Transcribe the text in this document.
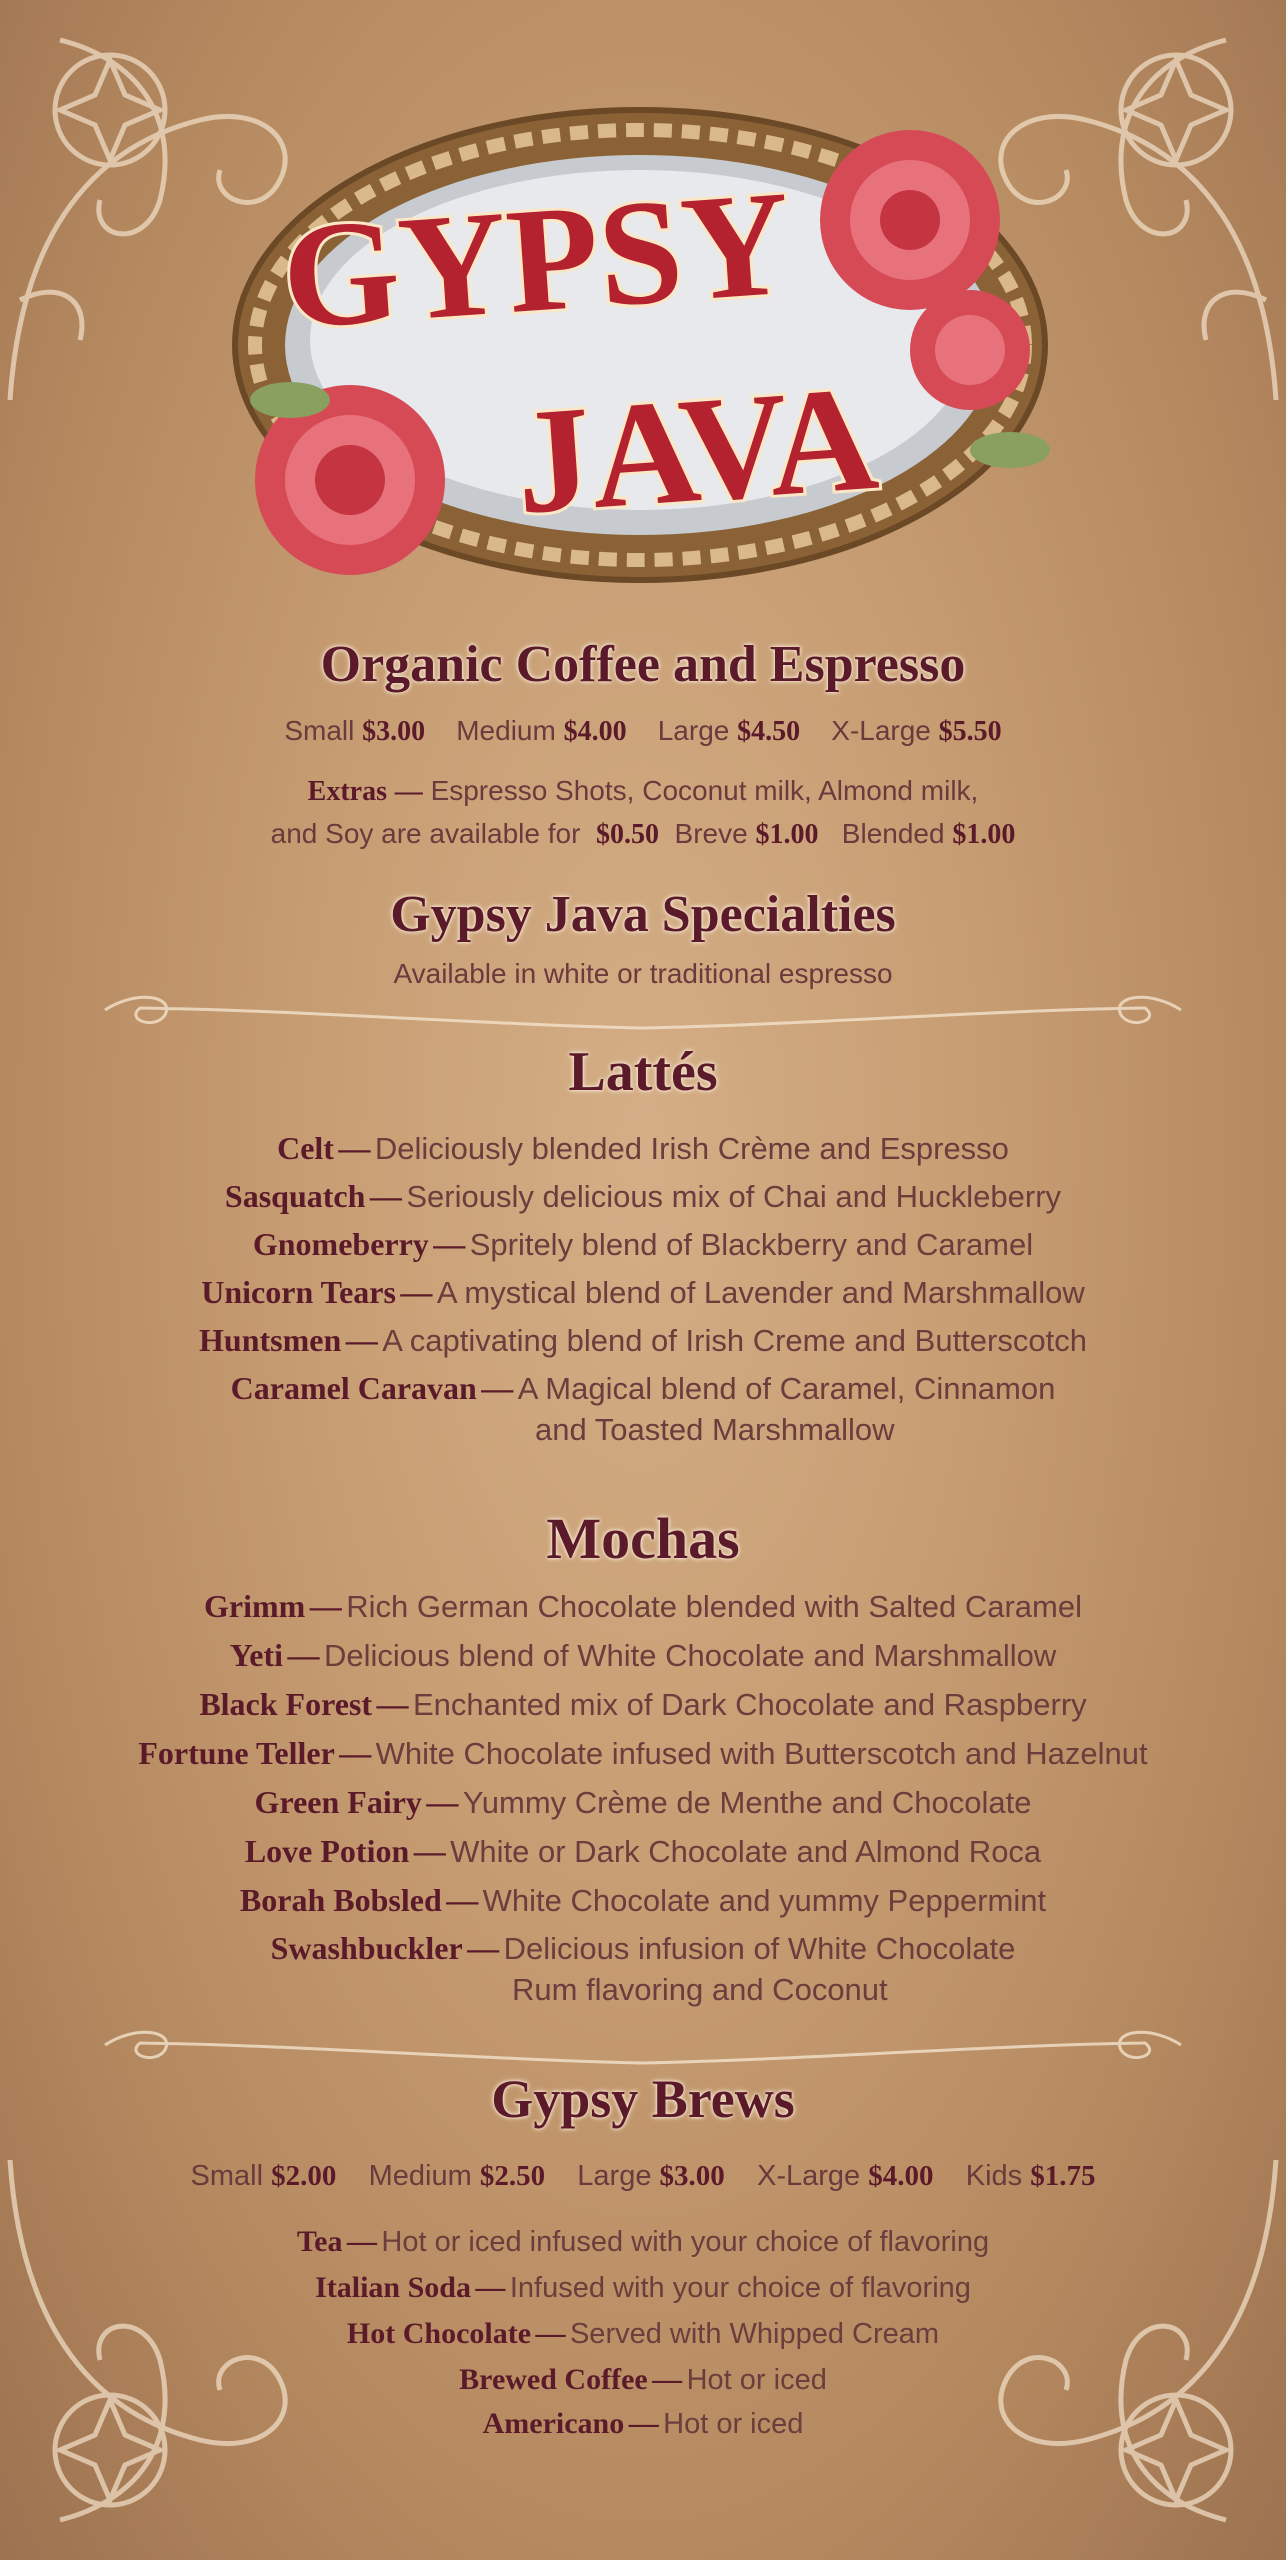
GYPSY
JAVA
Organic Coffee and Espresso
Small $3.00 Medium $4.00 Large $4.50 X-Large $5.50
Extras — Espresso Shots, Coconut milk, Almond milk,
and Soy are available for $0.50 Breve $1.00 Blended $1.00
Gypsy Java Specialties
Available in white or traditional espresso
Lattés
Celt — Deliciously blended Irish Crème and Espresso
Sasquatch — Seriously delicious mix of Chai and Huckleberry
Gnomeberry — Spritely blend of Blackberry and Caramel
Unicorn Tears — A mystical blend of Lavender and Marshmallow
Huntsmen — A captivating blend of Irish Creme and Butterscotch
Caramel Caravan — A Magical blend of Caramel, Cinnamon
and Toasted Marshmallow
Mochas
Grimm — Rich German Chocolate blended with Salted Caramel
Yeti — Delicious blend of White Chocolate and Marshmallow
Black Forest — Enchanted mix of Dark Chocolate and Raspberry
Fortune Teller — White Chocolate infused with Butterscotch and Hazelnut
Green Fairy — Yummy Crème de Menthe and Chocolate
Love Potion — White or Dark Chocolate and Almond Roca
Borah Bobsled — White Chocolate and yummy Peppermint
Swashbuckler — Delicious infusion of White Chocolate
Rum flavoring and Coconut
Gypsy Brews
Small $2.00 Medium $2.50 Large $3.00 X-Large $4.00 Kids $1.75
Tea — Hot or iced infused with your choice of flavoring
Italian Soda — Infused with your choice of flavoring
Hot Chocolate — Served with Whipped Cream
Brewed Coffee — Hot or iced
Americano — Hot or iced
